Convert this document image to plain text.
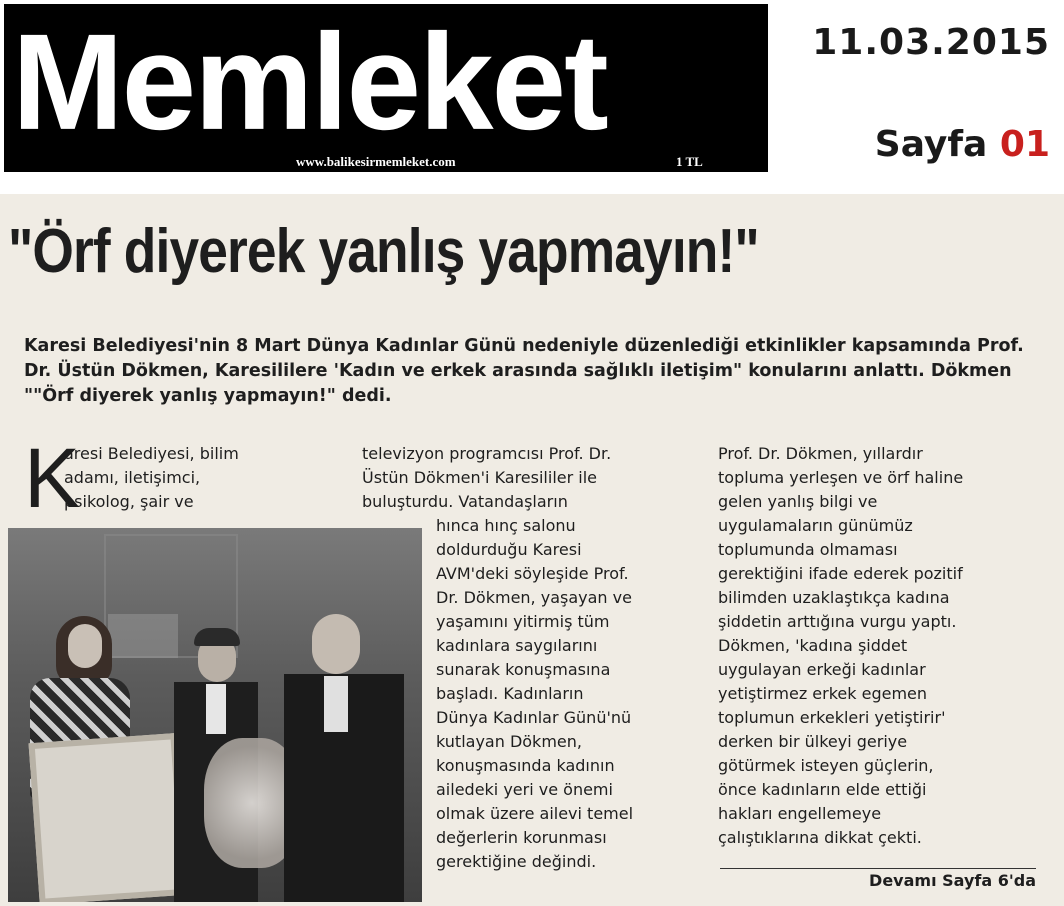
Memleket
www.balikesirmemleket.com	1 TL
11.03.2015
Sayfa 01
"Örf diyerek yanlış yapmayın!"
Karesi Belediyesi'nin 8 Mart Dünya Kadınlar Günü nedeniyle düzenlediği etkinlikler kapsamında Prof. Dr. Üstün Dökmen, Karesililere 'Kadın ve erkek arasında sağlıklı iletişim" konularını anlattı. Dökmen ""Örf diyerek yanlış yapmayın!" dedi.
K

aresi Belediyesi, bilim

adamı, iletişimci,

psikolog, şair ve

televizyon programcısı Prof. Dr.

Üstün Dökmen'i Karesililer ile

buluşturdu. Vatandaşların

hınca hınç salonu

doldurduğu Karesi

AVM'deki söyleşide Prof.

Dr. Dökmen, yaşayan ve

yaşamını yitirmiş tüm

kadınlara saygılarını

sunarak konuşmasına

başladı. Kadınların

Dünya Kadınlar Günü'nü

kutlayan Dökmen,

konuşmasında kadının

ailedeki yeri ve önemi

olmak üzere ailevi temel

değerlerin korunması

gerektiğine değindi.

Prof. Dr. Dökmen, yıllardır

topluma yerleşen ve örf haline

gelen yanlış bilgi ve

uygulamaların günümüz

toplumunda olmaması

gerektiğini ifade ederek pozitif

bilimden uzaklaştıkça kadına

şiddetin arttığına vurgu yaptı.

Dökmen, 'kadına şiddet

uygulayan erkeği kadınlar

yetiştirmez erkek egemen

toplumun erkekleri yetiştirir'

derken bir ülkeyi geriye

götürmek isteyen güçlerin,

önce kadınların elde ettiği

hakları engellemeye

çalıştıklarına dikkat çekti.

Devamı Sayfa 6'da
